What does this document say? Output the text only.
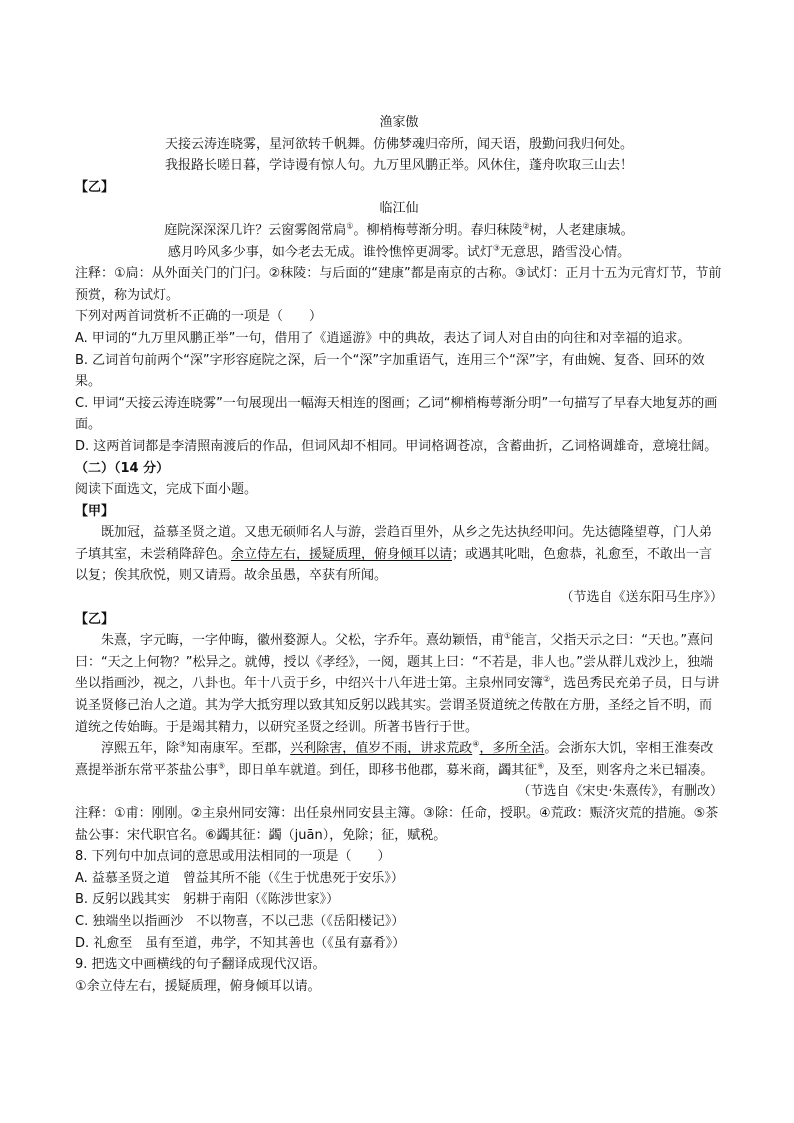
渔家傲

天接云涛连晓雾，星河欲转千帆舞。仿佛梦魂归帝所，闻天语，殷勤问我归何处。

我报路长嗟日暮，学诗谩有惊人句。九万里风鹏正举。风休住，蓬舟吹取三山去！

【乙】

临江仙

庭院深深深几许？云窗雾阁常扃①。柳梢梅萼渐分明。春归秣陵②树，人老建康城。

感月吟风多少事，如今老去无成。谁怜憔悴更凋零。试灯③无意思，踏雪没心情。

注释：①扃：从外面关门的门闩。②秣陵：与后面的“建康”都是南京的古称。③试灯：正月十五为元宵灯节，节前预赏，称为试灯。

下列对两首词赏析不正确的一项是（　　）

A. 甲词的“九万里风鹏正举”一句，借用了《逍遥游》中的典故，表达了词人对自由的向往和对幸福的追求。

B. 乙词首句前两个“深”字形容庭院之深，后一个“深”字加重语气，连用三个“深”字，有曲婉、复沓、回环的效果。

C. 甲词“天接云涛连晓雾”一句展现出一幅海天相连的图画；乙词“柳梢梅萼渐分明”一句描写了早春大地复苏的画面。

D. 这两首词都是李清照南渡后的作品，但词风却不相同。甲词格调苍凉，含蓄曲折，乙词格调雄奇，意境壮阔。

（二）（14 分）

阅读下面选文，完成下面小题。

【甲】

既加冠，益慕圣贤之道。又患无硕师名人与游，尝趋百里外，从乡之先达执经叩问。先达德隆望尊，门人弟子填其室，未尝稍降辞色。余立侍左右，援疑质理，俯身倾耳以请；或遇其叱咄，色愈恭，礼愈至，不敢出一言以复；俟其欣悦，则又请焉。故余虽愚，卒获有所闻。

（节选自《送东阳马生序》）

【乙】

朱熹，字元晦，一字仲晦，徽州婺源人。父松，字乔年。熹幼颖悟，甫①能言，父指天示之曰：“天也。”熹问曰：“天之上何物？”松异之。就傅，授以《孝经》，一阅，题其上曰：“不若是，非人也。”尝从群儿戏沙上，独端坐以指画沙，视之，八卦也。年十八贡于乡，中绍兴十八年进士第。主泉州同安簿②，选邑秀民充弟子员，日与讲说圣贤修己治人之道。其为学大抵穷理以致其知反躬以践其实。尝谓圣贤道统之传散在方册，圣经之旨不明，而道统之传始晦。于是竭其精力，以研究圣贤之经训。所著书皆行于世。

淳熙五年，除③知南康军。至郡，兴利除害，值岁不雨，讲求荒政④，多所全活。会浙东大饥，宰相王淮奏改熹提举浙东常平茶盐公事⑤，即日单车就道。到任，即移书他郡，募米商，蠲其征⑥，及至，则客舟之米已辐凑。

（节选自《宋史·朱熹传》，有删改）

注释：①甫：刚刚。②主泉州同安簿：出任泉州同安县主簿。③除：任命，授职。④荒政：赈济灾荒的措施。⑤茶盐公事：宋代职官名。⑥蠲其征：蠲（juān），免除；征，赋税。

8. 下列句中加点词的意思或用法相同的一项是（　　）

A. 益慕圣贤之道　曾益其所不能（《生于忧患死于安乐》）

B. 反躬以践其实　躬耕于南阳（《陈涉世家》）

C. 独端坐以指画沙　不以物喜，不以己悲（《岳阳楼记》）

D. 礼愈至　虽有至道，弗学，不知其善也（《虽有嘉肴》）

9. 把选文中画横线的句子翻译成现代汉语。

①余立侍左右，援疑质理，俯身倾耳以请。
